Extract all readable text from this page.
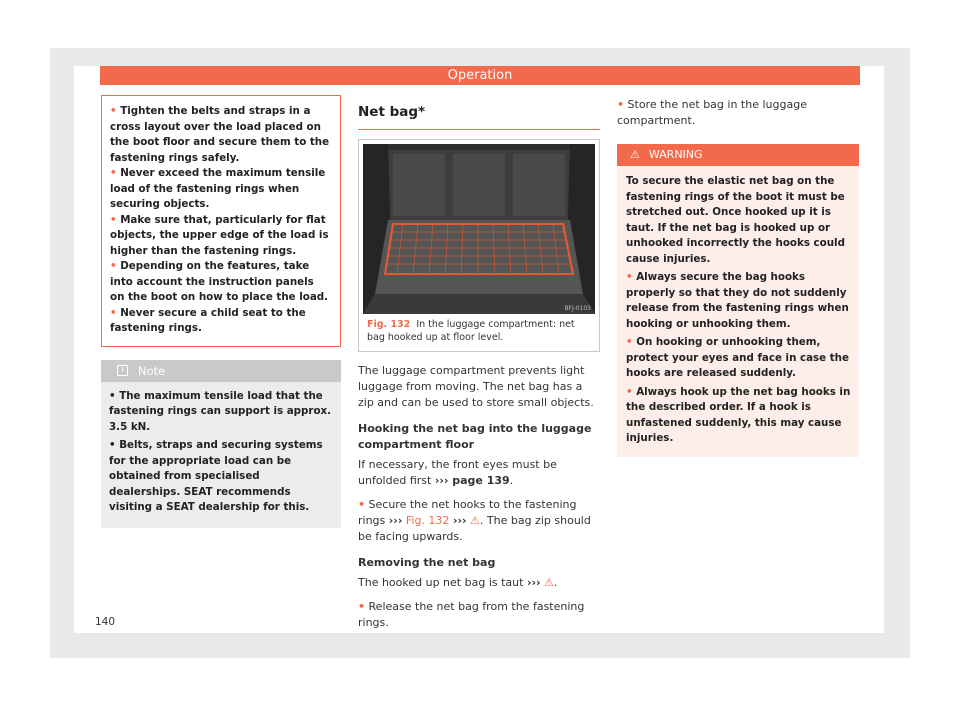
Operation
• Tighten the belts and straps in a cross layout over the load placed on the boot floor and secure them to the fastening rings safely.
• Never exceed the maximum tensile load of the fastening rings when securing objects.
• Make sure that, particularly for flat objects, the upper edge of the load is higher than the fastening rings.
• Depending on the features, take into account the instruction panels on the boot on how to place the load.
• Never secure a child seat to the fastening rings.
i	Note
• The maximum tensile load that the fastening rings can support is approx. 3.5 kN.
• Belts, straps and securing systems for the appropriate load can be obtained from specialised dealerships. SEAT recommends visiting a SEAT dealership for this.
Net bag*
BFJ-0103
Fig. 132 In the luggage compartment: net bag hooked up at floor level.

The luggage compartment prevents light luggage from moving. The net bag has a zip and can be used to store small objects.

Hooking the net bag into the luggage compartment floor

If necessary, the front eyes must be unfolded first ››› page 139.

• Secure the net hooks to the fastening rings ››› Fig. 132 ››› ⚠. The bag zip should be facing upwards.

Removing the net bag

The hooked up net bag is taut ››› ⚠.

• Release the net bag from the fastening rings.

• Store the net bag in the luggage compartment.

⚠ WARNING
To secure the elastic net bag on the fastening rings of the boot it must be stretched out. Once hooked up it is taut. If the net bag is hooked up or unhooked incorrectly the hooks could cause injuries.
• Always secure the bag hooks properly so that they do not suddenly release from the fastening rings when hooking or unhooking them.
• On hooking or unhooking them, protect your eyes and face in case the hooks are released suddenly.
• Always hook up the net bag hooks in the described order. If a hook is unfastened suddenly, this may cause injuries.
140
